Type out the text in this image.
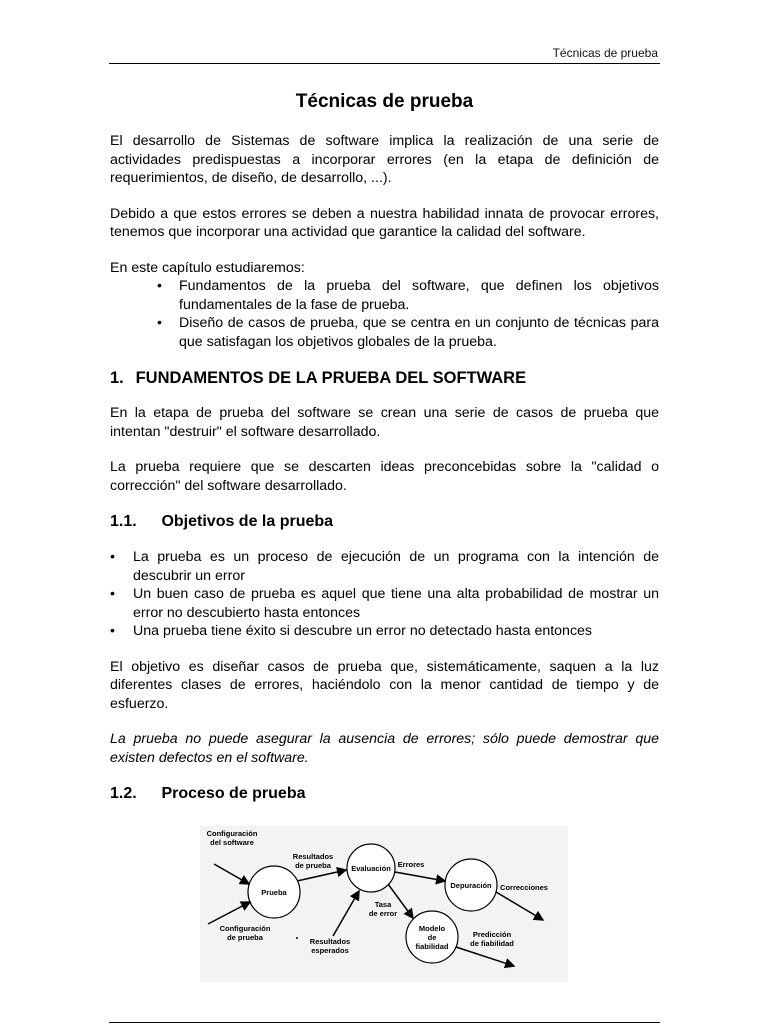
Técnicas de prueba
Técnicas de prueba

El desarrollo de Sistemas de software implica la realización de una serie de actividades predispuestas a incorporar errores (en la etapa de definición de requerimientos, de diseño, de desarrollo, ...).

Debido a que estos errores se deben a nuestra habilidad innata de provocar errores, tenemos que incorporar una actividad que garantice la calidad del software.

En este capítulo estudiaremos:

• Fundamentos de la prueba del software, que definen los objetivos fundamentales de la fase de prueba.
• Diseño de casos de prueba, que se centra en un conjunto de técnicas para que satisfagan los objetivos globales de la prueba.
1. FUNDAMENTOS DE LA PRUEBA DEL SOFTWARE

En la etapa de prueba del software se crean una serie de casos de prueba que intentan "destruir" el software desarrollado.

La prueba requiere que se descarten ideas preconcebidas sobre la "calidad o corrección" del software desarrollado.

1.1. Objetivos de la prueba
• La prueba es un proceso de ejecución de un programa con la intención de descubrir un error
• Un buen caso de prueba es aquel que tiene una alta probabilidad de mostrar un error no descubierto hasta entonces
• Una prueba tiene éxito si descubre un error no detectado hasta entonces

El objetivo es diseñar casos de prueba que, sistemáticamente, saquen a la luz diferentes clases de errores, haciéndolo con la menor cantidad de tiempo y de esfuerzo.

La prueba no puede asegurar la ausencia de errores; sólo puede demostrar que existen defectos en el software.

1.2. Proceso de prueba
Prueba
Evaluación
Depuración
Modelo
de
fiabilidad
Configuración
del software
Configuración
de prueba
Resultados
de prueba	Errores
Correcciones
Tasa
de error
Resultados
esperados
Predicción
de fiabilidad
